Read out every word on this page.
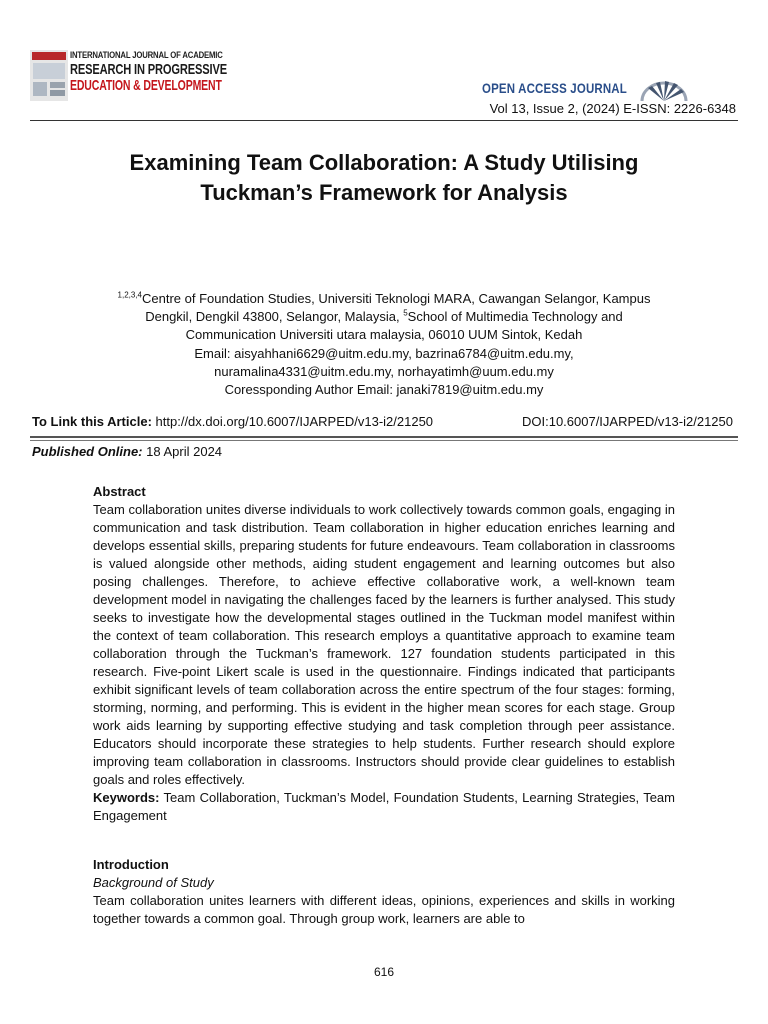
INTERNATIONAL JOURNAL OF ACADEMIC
RESEARCH IN PROGRESSIVE
EDUCATION & DEVELOPMENT	OPEN ACCESS JOURNAL
Vol 13, Issue 2, (2024) E-ISSN: 2226-6348
Examining Team Collaboration: A Study Utilising
Tuckman’s Framework for Analysis
$^{1,2,3,4}$Centre of Foundation Studies, Universiti Teknologi MARA, Cawangan Selangor, Kampus
Dengkil, Dengkil 43800, Selangor, Malaysia, $^5$School of Multimedia Technology and
Communication Universiti utara malaysia, 06010 UUM Sintok, Kedah
Email: aisyahhani6629@uitm.edu.my, bazrina6784@uitm.edu.my,
nuramalina4331@uitm.edu.my, norhayatimh@uum.edu.my
Coressponding Author Email: janaki7819@uitm.edu.my
To Link this Article: http://dx.doi.org/10.6007/IJARPED/v13-i2/21250	DOI:10.6007/IJARPED/v13-i2/21250
Published Online: 18 April 2024
Abstract
Team collaboration unites diverse individuals to work collectively towards common goals, engaging in communication and task distribution. Team collaboration in higher education enriches learning and develops essential skills, preparing students for future endeavours. Team collaboration in classrooms is valued alongside other methods, aiding student engagement and learning outcomes but also posing challenges. Therefore, to achieve effective collaborative work, a well-known team development model in navigating the challenges faced by the learners is further analysed. This study seeks to investigate how the developmental stages outlined in the Tuckman model manifest within the context of team collaboration. This research employs a quantitative approach to examine team collaboration through the Tuckman’s framework. 127 foundation students participated in this research. Five-point Likert scale is used in the questionnaire. Findings indicated that participants exhibit significant levels of team collaboration across the entire spectrum of the four stages: forming, storming, norming, and performing. This is evident in the higher mean scores for each stage. Group work aids learning by supporting effective studying and task completion through peer assistance. Educators should incorporate these strategies to help students. Further research should explore improving team collaboration in classrooms. Instructors should provide clear guidelines to establish goals and roles effectively.
Keywords: Team Collaboration, Tuckman’s Model, Foundation Students, Learning Strategies, Team Engagement
Introduction
Background of Study
Team collaboration unites learners with different ideas, opinions, experiences and skills in working together towards a common goal. Through group work, learners are able to
616
